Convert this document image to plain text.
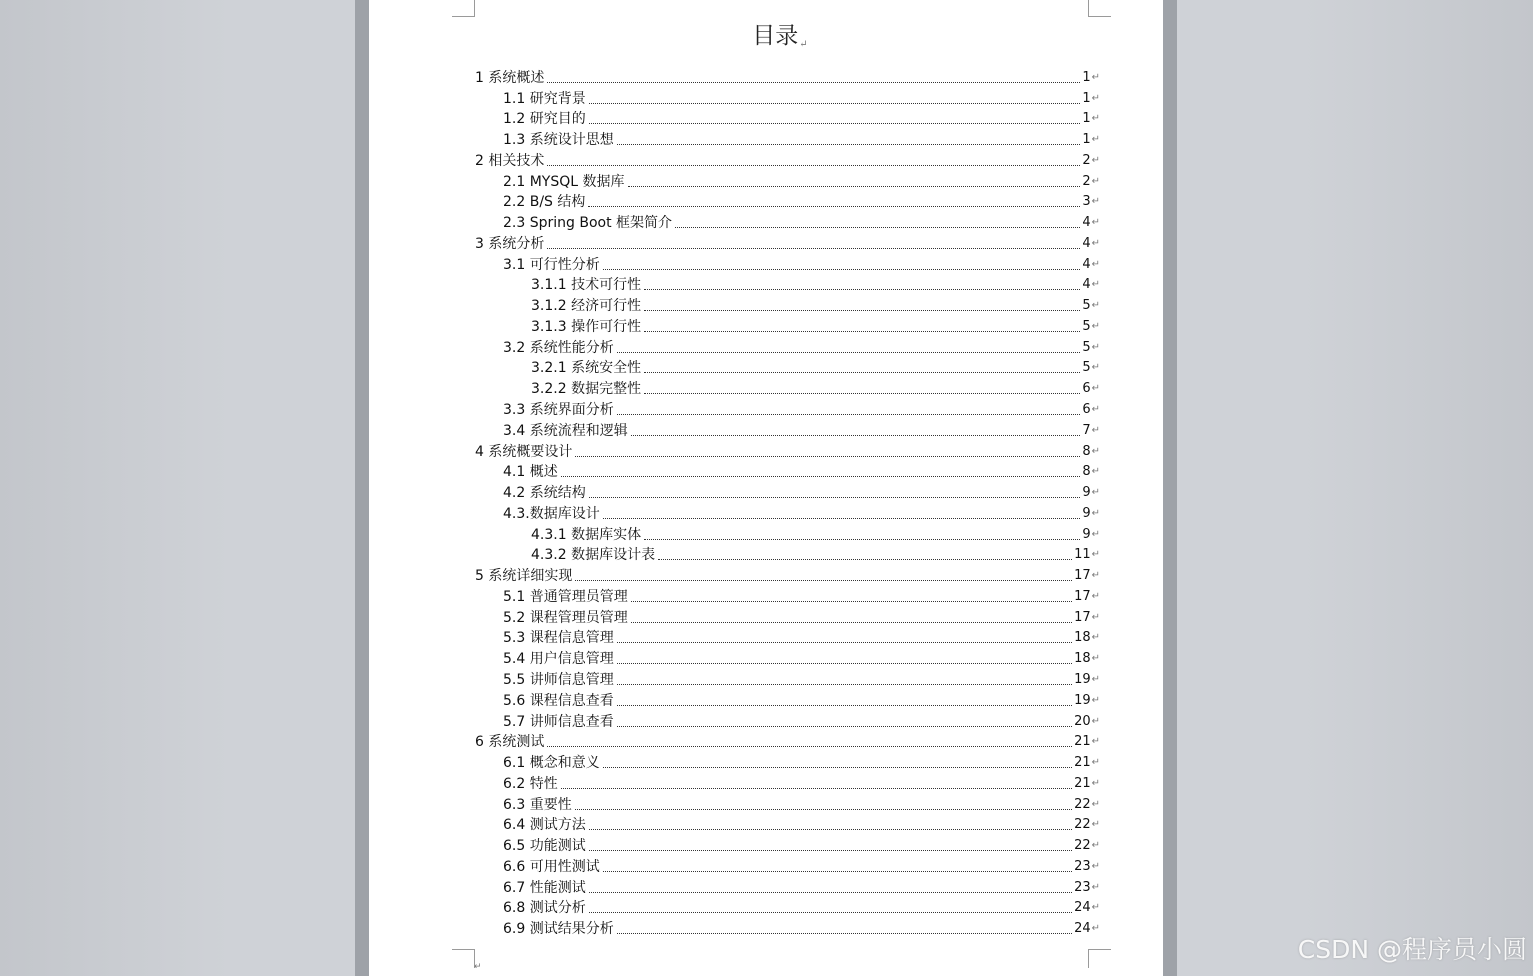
目录↵
1 系统概述	1 ↵
1.1 研究背景	1 ↵
1.2 研究目的	1 ↵
1.3 系统设计思想	1 ↵
2 相关技术	2 ↵
2.1 MYSQL 数据库	2 ↵
2.2 B/S 结构	3 ↵
2.3 Spring Boot 框架简介	4 ↵
3 系统分析	4 ↵
3.1 可行性分析	4 ↵
3.1.1 技术可行性	4 ↵
3.1.2 经济可行性	5 ↵
3.1.3 操作可行性	5 ↵
3.2 系统性能分析	5 ↵
3.2.1 系统安全性	5 ↵
3.2.2 数据完整性	6 ↵
3.3 系统界面分析	6 ↵
3.4 系统流程和逻辑	7 ↵
4 系统概要设计	8 ↵
4.1 概述	8 ↵
4.2 系统结构	9 ↵
4.3.数据库设计	9 ↵
4.3.1 数据库实体	9 ↵
4.3.2 数据库设计表	11 ↵
5 系统详细实现	17 ↵
5.1 普通管理员管理	17 ↵
5.2 课程管理员管理	17 ↵
5.3 课程信息管理	18 ↵
5.4 用户信息管理	18 ↵
5.5 讲师信息管理	19 ↵
5.6 课程信息查看	19 ↵
5.7 讲师信息查看	20 ↵
6 系统测试	21 ↵
6.1 概念和意义	21 ↵
6.2 特性	21 ↵
6.3 重要性	22 ↵
6.4 测试方法	22 ↵
6.5 功能测试	22 ↵
6.6 可用性测试	23 ↵
6.7 性能测试	23 ↵
6.8 测试分析	24 ↵
6.9 测试结果分析	24 ↵
↵
CSDN @程序员小圆
